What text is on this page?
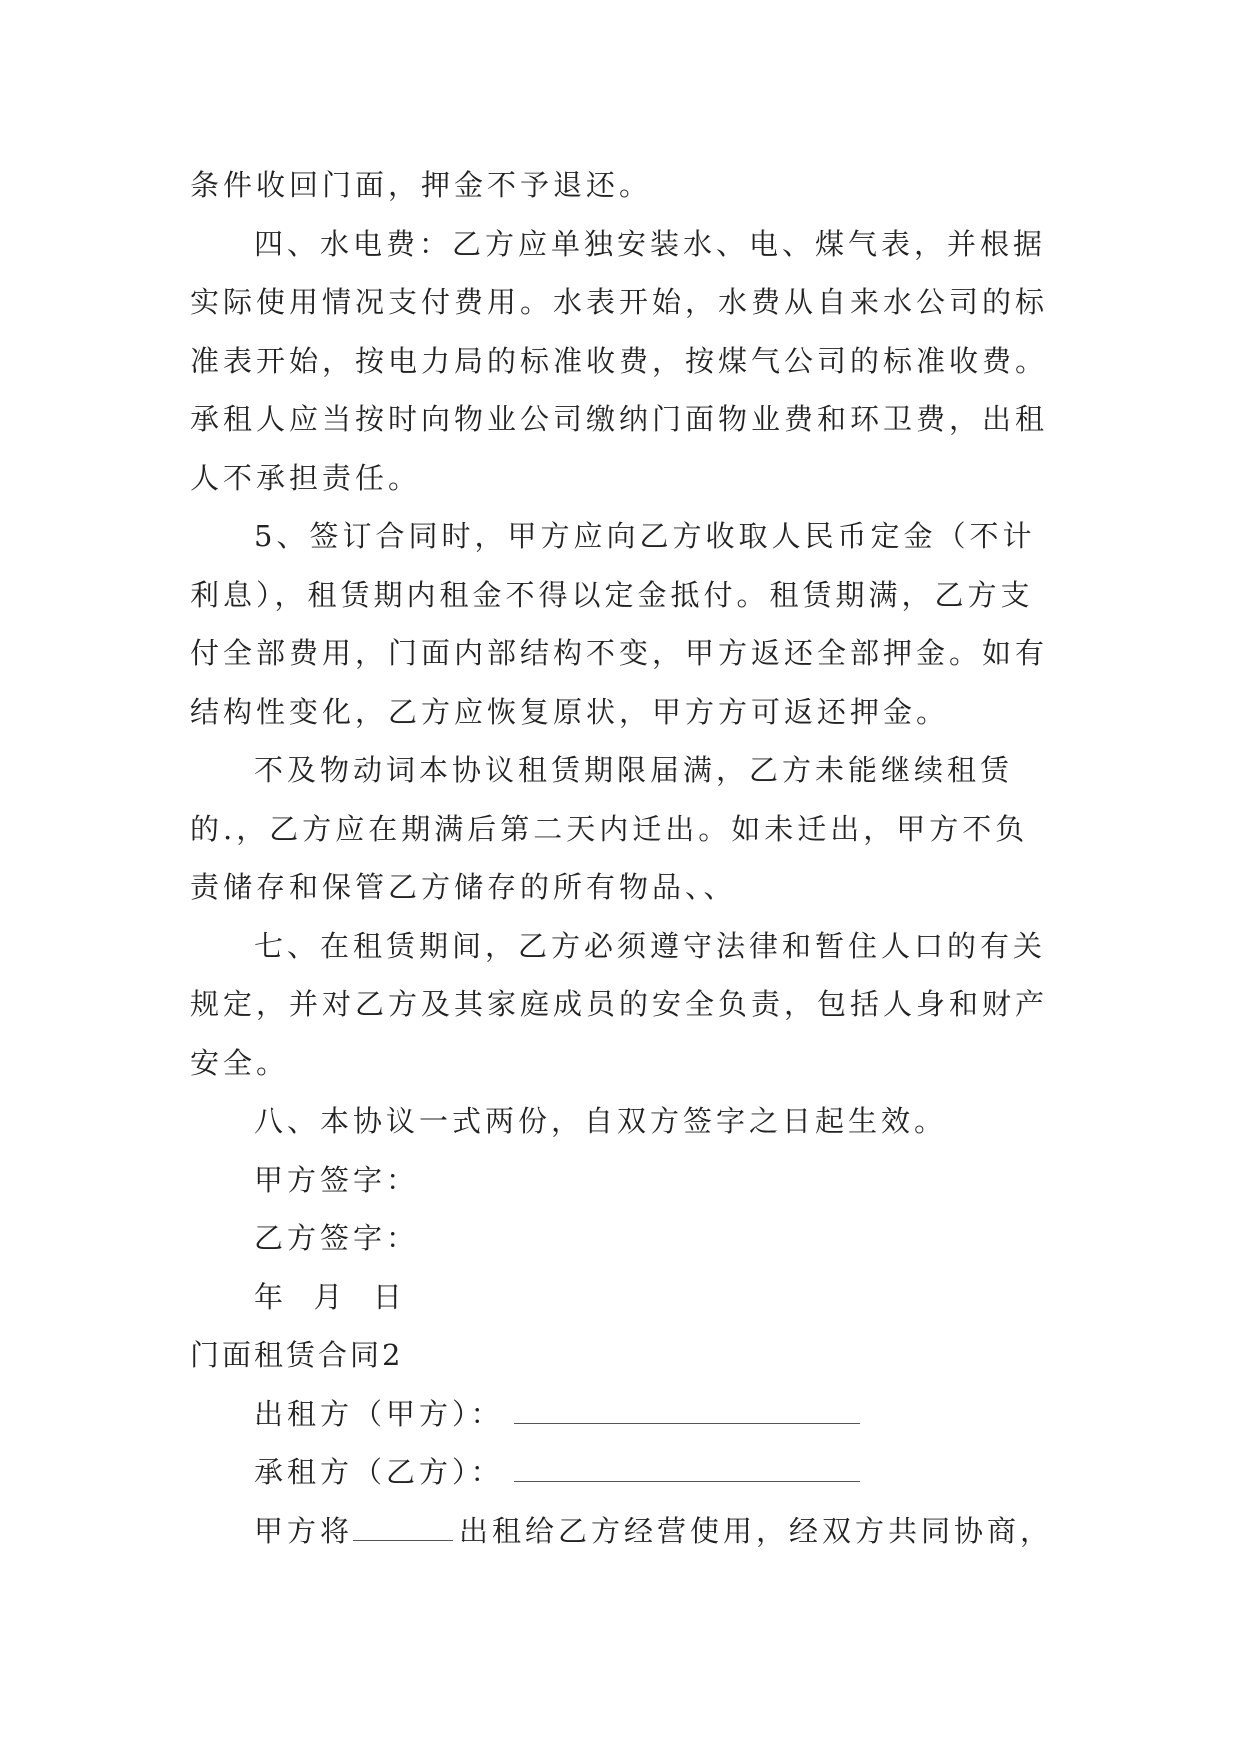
条件收回门面，押金不予退还。
四、水电费：乙方应单独安装水、电、煤气表，并根据
实际使用情况支付费用。水表开始，水费从自来水公司的标
准表开始，按电力局的标准收费，按煤气公司的标准收费。
承租人应当按时向物业公司缴纳门面物业费和环卫费，出租
人不承担责任。
5、签订合同时，甲方应向乙方收取人民币定金（不计
利息），租赁期内租金不得以定金抵付。租赁期满，乙方支
付全部费用，门面内部结构不变，甲方返还全部押金。如有
结构性变化，乙方应恢复原状，甲方方可返还押金。
不及物动词本协议租赁期限届满，乙方未能继续租赁
的.，乙方应在期满后第二天内迁出。如未迁出，甲方不负
责储存和保管乙方储存的所有物品、、
七、在租赁期间，乙方必须遵守法律和暂住人口的有关
规定，并对乙方及其家庭成员的安全负责，包括人身和财产
安全。
八、本协议一式两份，自双方签字之日起生效。
甲方签字：
乙方签字：
年  月  日
门面租赁合同2
出租方（甲方）：
承租方（乙方）：
甲方将	出租给乙方经营使用，经双方共同协商，
